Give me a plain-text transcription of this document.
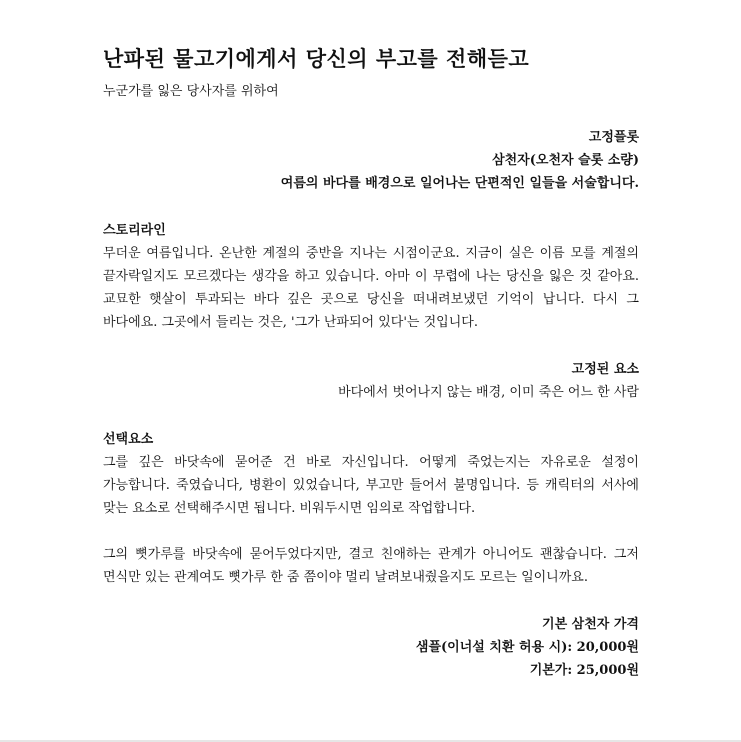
난파된 물고기에게서 당신의 부고를 전해듣고

누군가를 잃은 당사자를 위하여

고정플롯
삼천자(오천자 슬롯 소량)
여름의 바다를 배경으로 일어나는 단편적인 일들을 서술합니다.
스토리라인

무더운 여름입니다. 온난한 계절의 중반을 지나는 시점이군요. 지금이 실은 이름 모를 계절의 끝자락일지도 모르겠다는 생각을 하고 있습니다. 아마 이 무렵에 나는 당신을 잃은 것 같아요. 교묘한 햇살이 투과되는 바다 깊은 곳으로 당신을 떠내려보냈던 기억이 납니다. 다시 그 바다에요. 그곳에서 들리는 것은, '그가 난파되어 있다'는 것입니다.

고정된 요소
바다에서 벗어나지 않는 배경, 이미 죽은 어느 한 사람
선택요소

그를 깊은 바닷속에 묻어준 건 바로 자신입니다. 어떻게 죽었는지는 자유로운 설정이 가능합니다. 죽였습니다, 병환이 있었습니다, 부고만 들어서 불명입니다. 등 캐릭터의 서사에 맞는 요소로 선택해주시면 됩니다. 비워두시면 임의로 작업합니다.

그의 뼛가루를 바닷속에 묻어두었다지만, 결코 친애하는 관계가 아니어도 괜찮습니다. 그저 면식만 있는 관계여도 뼛가루 한 줌 쯤이야 멀리 날려보내줬을지도 모르는 일이니까요.

기본 삼천자 가격
샘플(이너설 치환 허용 시): 20,000원
기본가: 25,000원
